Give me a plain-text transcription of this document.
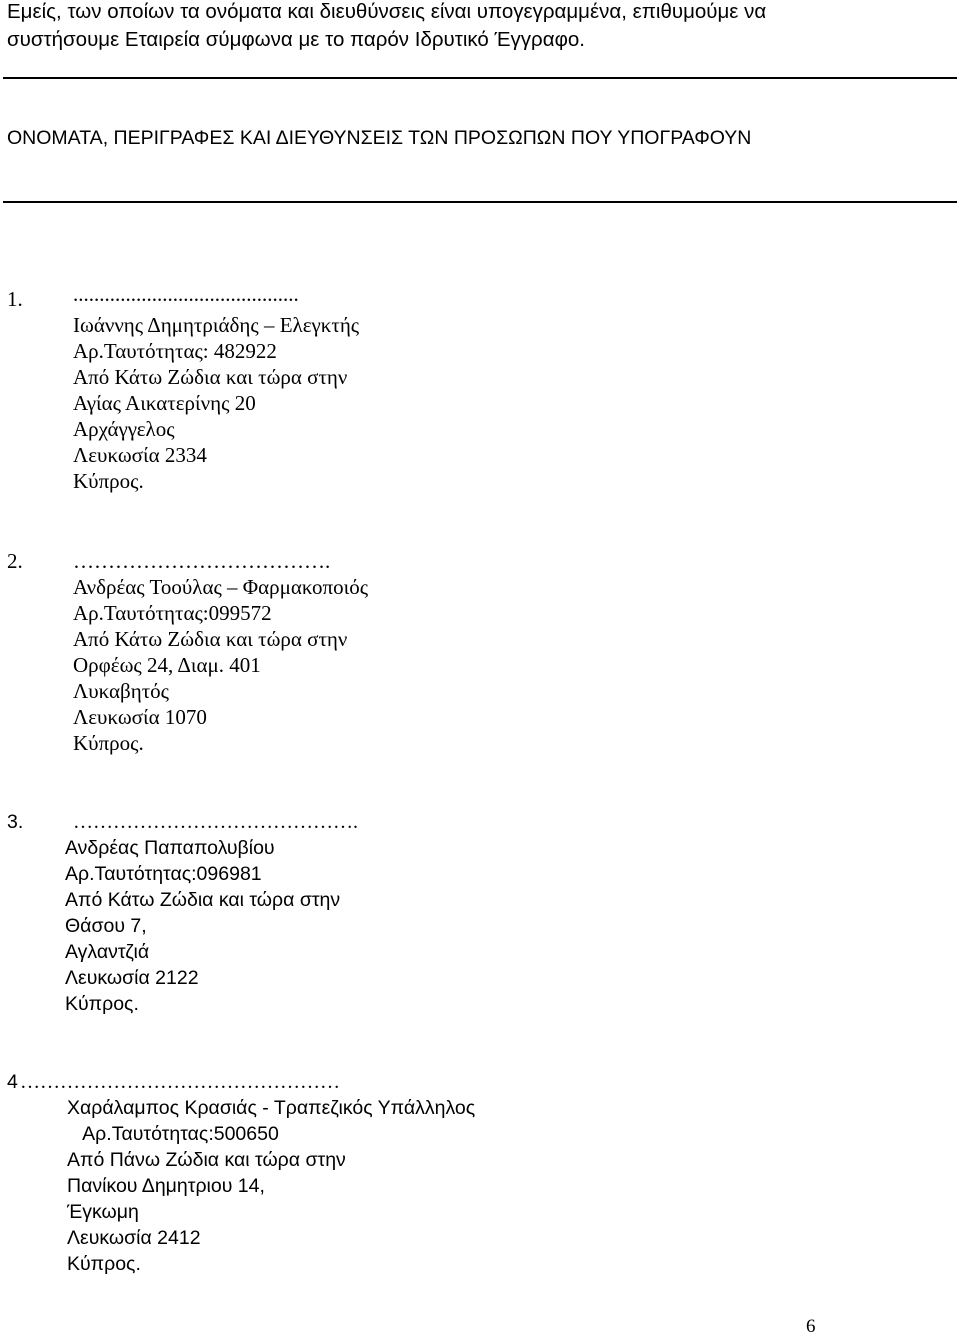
Εμείς, των οποίων τα ονόματα και διευθύνσεις είναι υπογεγραμμένα, επιθυμούμε να
συστήσουμε Εταιρεία σύμφωνα με το παρόν Ιδρυτικό Έγγραφο.
ΟΝΟΜΑΤΑ, ΠΕΡΙΓΡΑΦΕΣ ΚΑΙ ΔΙΕΥΘΥΝΣΕΙΣ ΤΩΝ ΠΡΟΣΩΠΩΝ ΠΟΥ ΥΠΟΓΡΑΦΟΥΝ
1. ...........................................
Ιωάννης Δημητριάδης – Ελεγκτής
Αρ.Ταυτότητας: 482922
Από Κάτω Ζώδια και τώρα στην
Αγίας Αικατερίνης 20
Αρχάγγελος
Λευκωσία 2334
Κύπρος.
2. ……………………………….
Ανδρέας Τοούλας – Φαρμακοποιός
Αρ.Ταυτότητας:099572
Από Κάτω Ζώδια και τώρα στην
Ορφέως 24, Διαμ. 401
Λυκαβητός
Λευκωσία 1070
Κύπρος.
3. …………………………………….
Ανδρέας Παπαπολυβίου
Αρ.Ταυτότητας:096981
Από Κάτω Ζώδια και τώρα στην
Θάσου 7,
Αγλαντζιά
Λευκωσία 2122
Κύπρος.
4 …………………………………………
Χαράλαμπος Κρασιάς - Τραπεζικός Υπάλληλος
Αρ.Ταυτότητας:500650
Από Πάνω Ζώδια και τώρα στην
Πανίκου Δημητριου 14,
Έγκωμη
Λευκωσία 2412
Κύπρος.
6
